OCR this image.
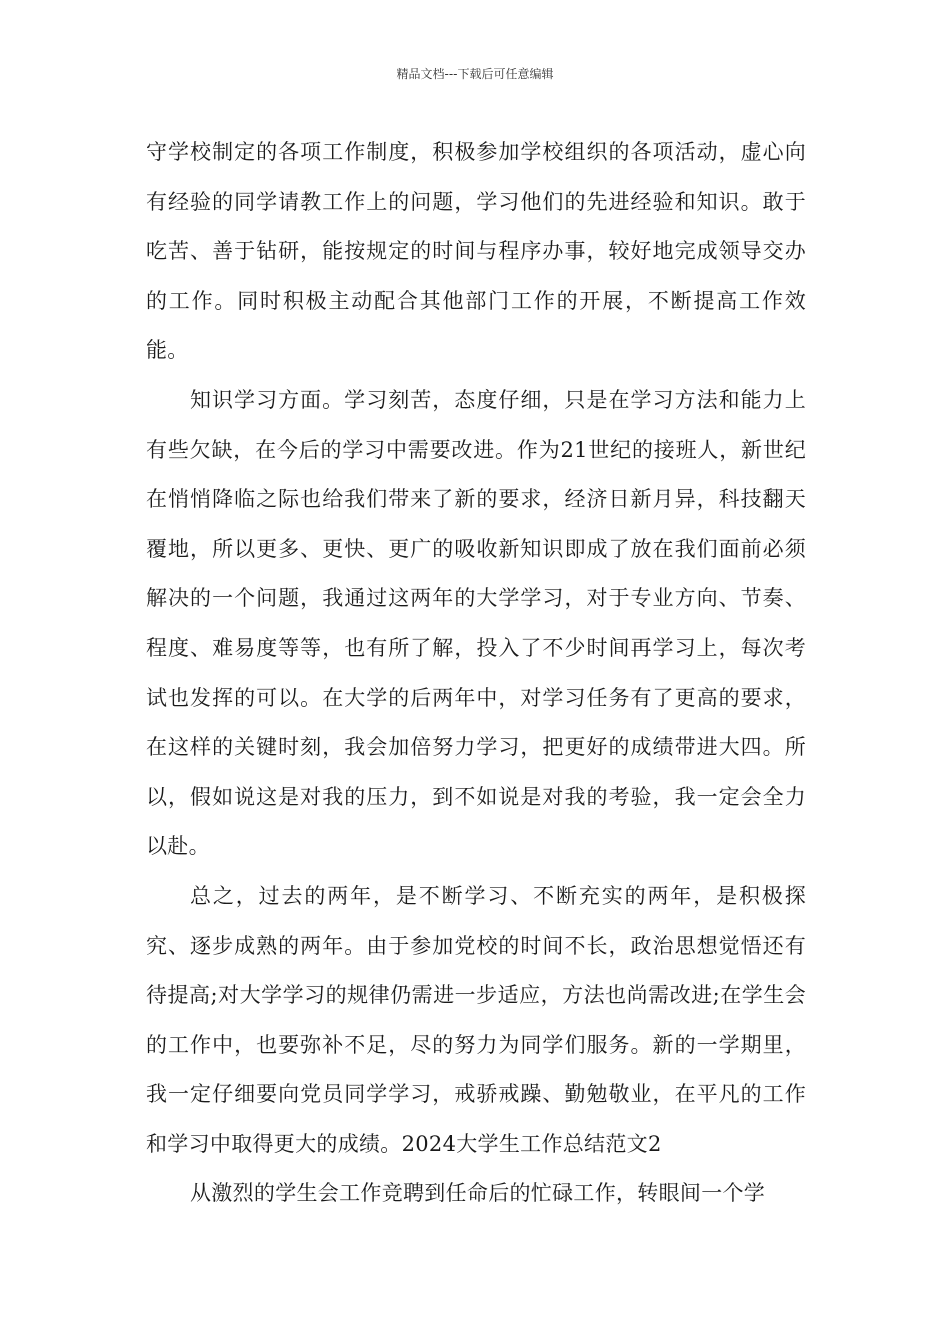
精品文档---下载后可任意编辑

守学校制定的各项工作制度，积极参加学校组织的各项活动，虚心向有经验的同学请教工作上的问题，学习他们的先进经验和知识。敢于吃苦、善于钻研，能按规定的时间与程序办事，较好地完成领导交办的工作。同时积极主动配合其他部门工作的开展，不断提高工作效能。

知识学习方面。学习刻苦，态度仔细，只是在学习方法和能力上有些欠缺，在今后的学习中需要改进。作为21世纪的接班人，新世纪在悄悄降临之际也给我们带来了新的要求，经济日新月异，科技翻天覆地，所以更多、更快、更广的吸收新知识即成了放在我们面前必须解决的一个问题，我通过这两年的大学学习，对于专业方向、节奏、程度、难易度等等，也有所了解，投入了不少时间再学习上，每次考试也发挥的可以。在大学的后两年中，对学习任务有了更高的要求，在这样的关键时刻，我会加倍努力学习，把更好的成绩带进大四。所以，假如说这是对我的压力，到不如说是对我的考验，我一定会全力以赴。

总之，过去的两年，是不断学习、不断充实的两年，是积极探究、逐步成熟的两年。由于参加党校的时间不长，政治思想觉悟还有待提高;对大学学习的规律仍需进一步适应，方法也尚需改进;在学生会的工作中，也要弥补不足，尽的努力为同学们服务。新的一学期里，我一定仔细要向党员同学学习，戒骄戒躁、勤勉敬业，在平凡的工作和学习中取得更大的成绩。2024大学生工作总结范文2

从激烈的学生会工作竞聘到任命后的忙碌工作，转眼间一个学
